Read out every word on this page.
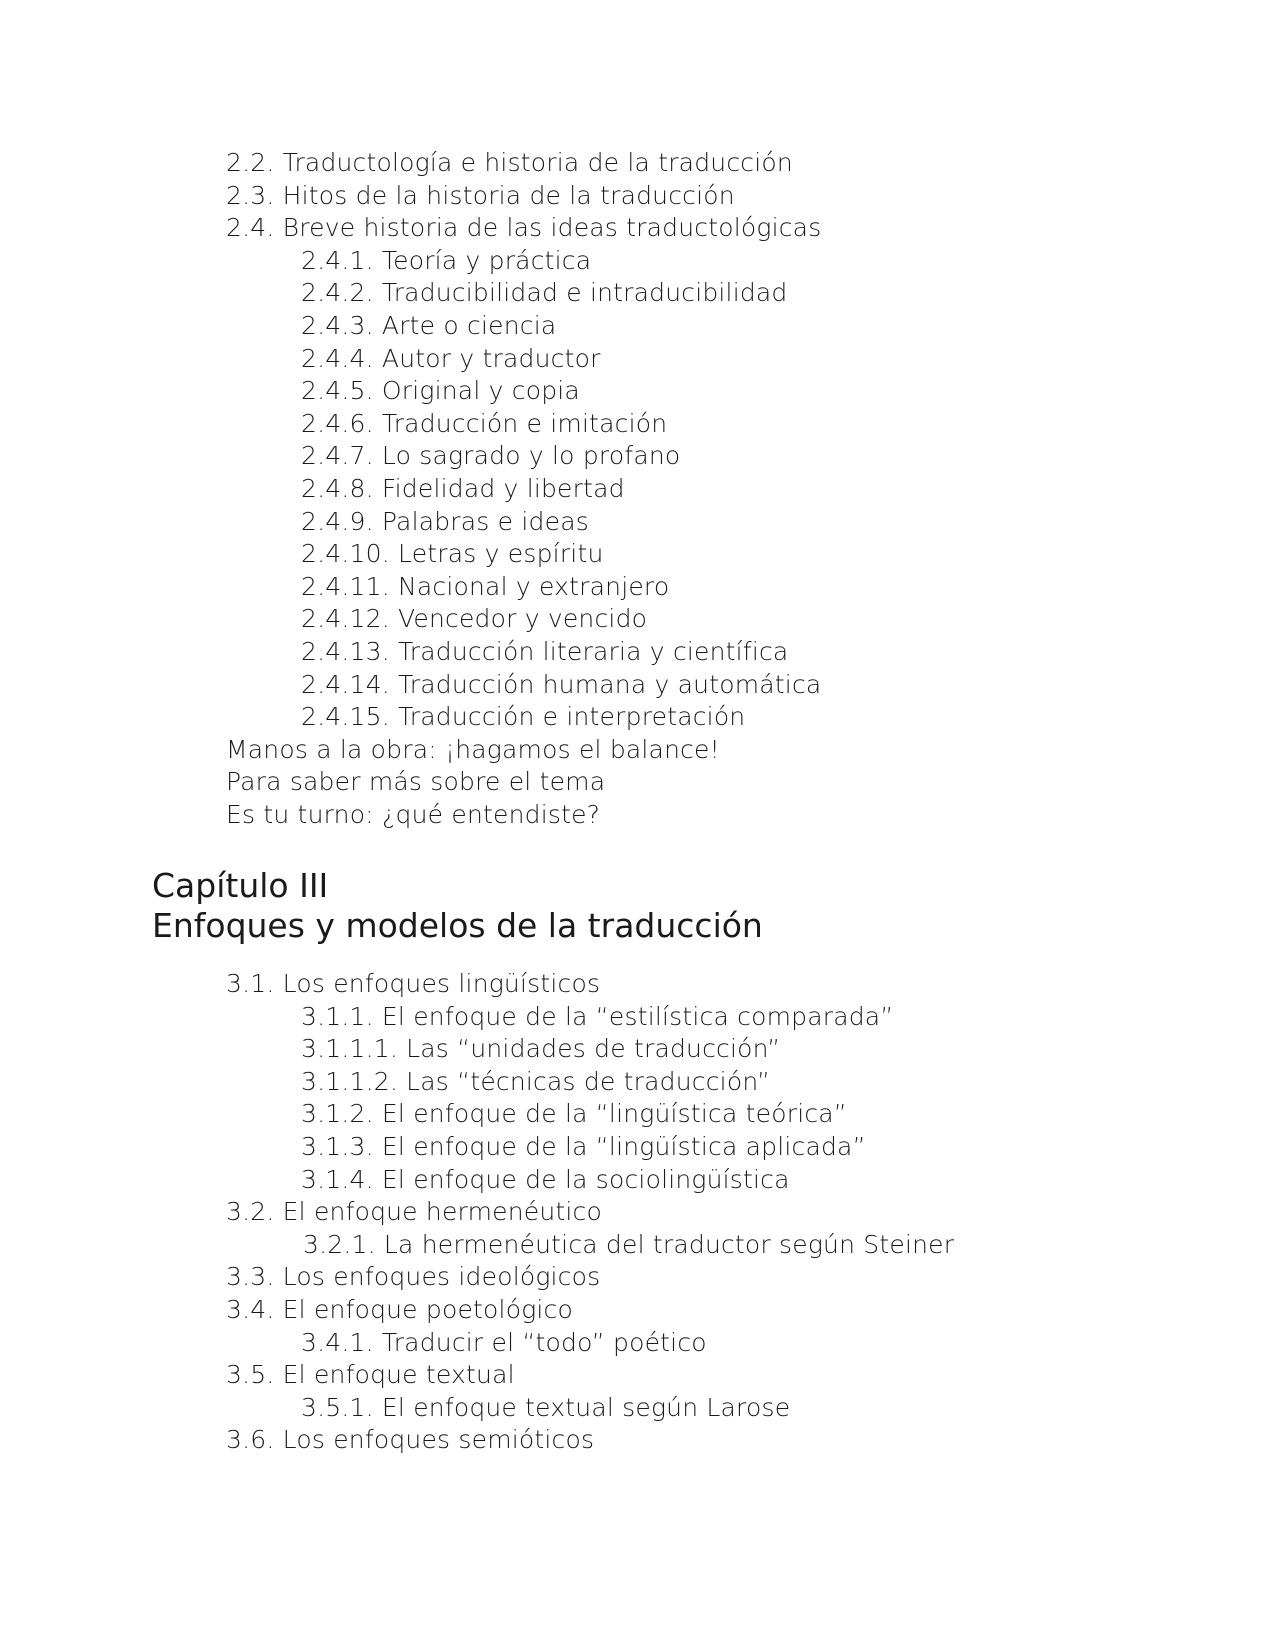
2.2. Traductología e historia de la traducción
2.3. Hitos de la historia de la traducción
2.4. Breve historia de las ideas traductológicas
2.4.1. Teoría y práctica
2.4.2. Traducibilidad e intraducibilidad
2.4.3. Arte o ciencia
2.4.4. Autor y traductor
2.4.5. Original y copia
2.4.6. Traducción e imitación
2.4.7. Lo sagrado y lo profano
2.4.8. Fidelidad y libertad
2.4.9. Palabras e ideas
2.4.10. Letras y espíritu
2.4.11. Nacional y extranjero
2.4.12. Vencedor y vencido
2.4.13. Traducción literaria y científica
2.4.14. Traducción humana y automática
2.4.15. Traducción e interpretación
Manos a la obra: ¡hagamos el balance!
Para saber más sobre el tema
Es tu turno: ¿qué entendiste?
Capítulo III
Enfoques y modelos de la traducción
3.1. Los enfoques lingüísticos
3.1.1. El enfoque de la “estilística comparada”
3.1.1.1. Las “unidades de traducción”
3.1.1.2. Las “técnicas de traducción”
3.1.2. El enfoque de la “lingüística teórica”
3.1.3. El enfoque de la “lingüística aplicada”
3.1.4. El enfoque de la sociolingüística
3.2. El enfoque hermenéutico
3.2.1. La hermenéutica del traductor según Steiner
3.3. Los enfoques ideológicos
3.4. El enfoque poetológico
3.4.1. Traducir el “todo” poético
3.5. El enfoque textual
3.5.1. El enfoque textual según Larose
3.6. Los enfoques semióticos
